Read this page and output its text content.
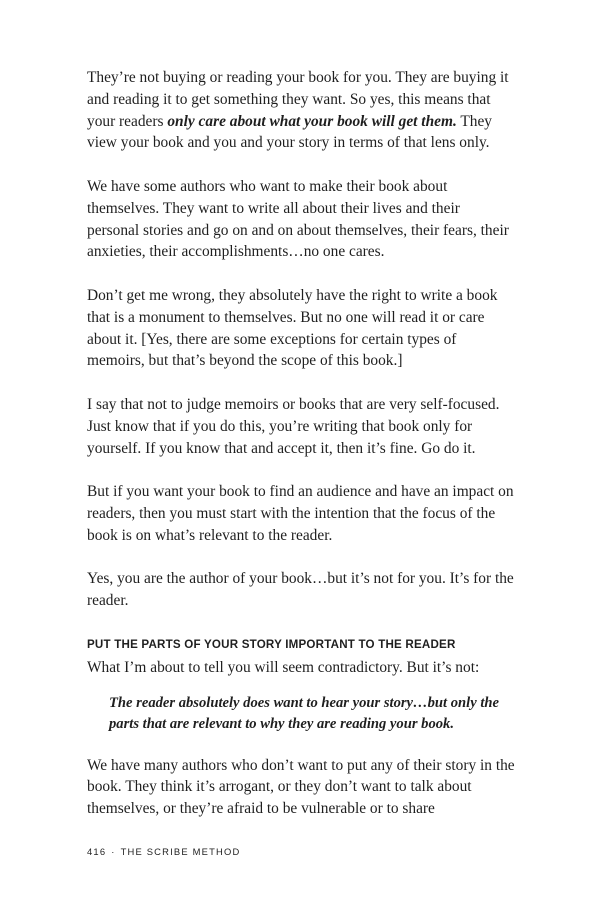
They’re not buying or reading your book for you. They are buying it and reading it to get something they want. So yes, this means that your readers only care about what your book will get them. They view your book and you and your story in terms of that lens only.

We have some authors who want to make their book about themselves. They want to write all about their lives and their personal stories and go on and on about themselves, their fears, their anxieties, their accomplishments…no one cares.

Don’t get me wrong, they absolutely have the right to write a book that is a monument to themselves. But no one will read it or care about it. [Yes, there are some exceptions for certain types of memoirs, but that’s beyond the scope of this book.]

I say that not to judge memoirs or books that are very self-focused. Just know that if you do this, you’re writing that book only for yourself. If you know that and accept it, then it’s fine. Go do it.

But if you want your book to find an audience and have an impact on readers, then you must start with the intention that the focus of the book is on what’s relevant to the reader.

Yes, you are the author of your book…but it’s not for you. It’s for the reader.

PUT THE PARTS OF YOUR STORY IMPORTANT TO THE READER

What I’m about to tell you will seem contradictory. But it’s not:

The reader absolutely does want to hear your story…but only the parts that are relevant to why they are reading your book.

We have many authors who don’t want to put any of their story in the book. They think it’s arrogant, or they don’t want to talk about themselves, or they’re afraid to be vulnerable or to share

416 · THE SCRIBE METHOD
